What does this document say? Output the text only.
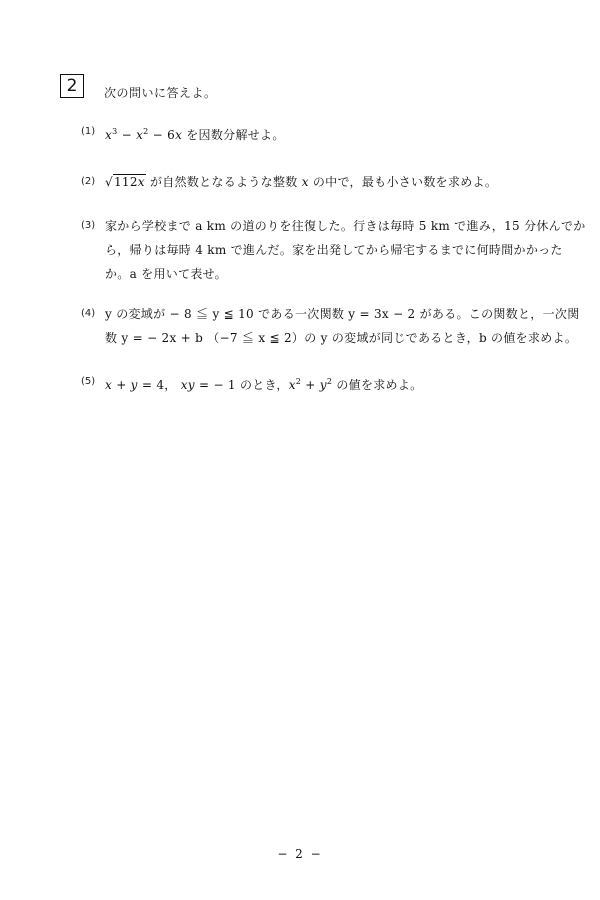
2	次の問いに答えよ。
(1) $x^3 - x^2 - 6x$ を因数分解せよ。
(2) √112x が自然数となるような整数 x の中で，最も小さい数を求めよ。
(3) 家から学校まで a km の道のりを往復した。行きは毎時 5 km で進み，15 分休んでか
ら，帰りは毎時 4 km で進んだ。家を出発してから帰宅するまでに何時間かかった
か。a を用いて表せ。
(4) y の変域が − 8 ≦ y ≦ 10 である一次関数 y = 3x − 2 がある。この関数と，一次関
数 y = − 2x + b （−7 ≦ x ≦ 2）の y の変域が同じであるとき，b の値を求めよ。
(5) x + y = 4， xy = − 1 のとき，$x^2 + y^2$ の値を求めよ。
− 2 −
